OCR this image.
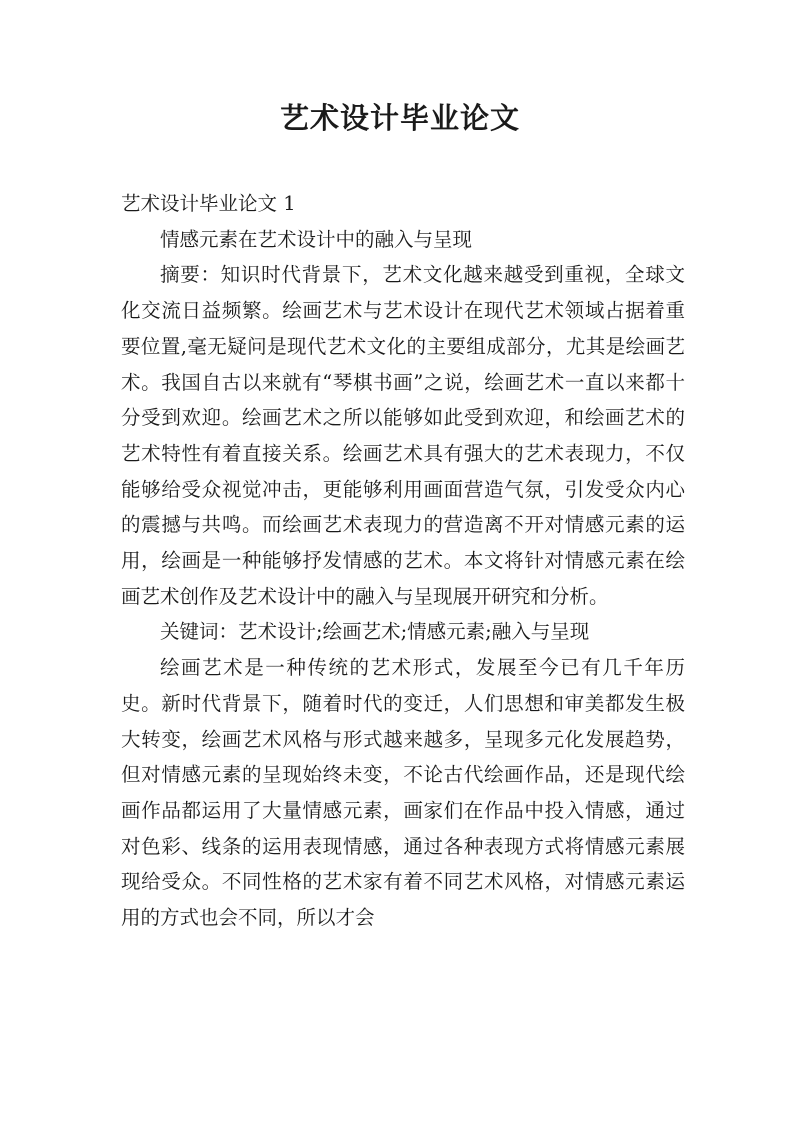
艺术设计毕业论文

艺术设计毕业论文 1

情感元素在艺术设计中的融入与呈现

摘要：知识时代背景下，艺术文化越来越受到重视，全球文化交流日益频繁。绘画艺术与艺术设计在现代艺术领域占据着重要位置,毫无疑问是现代艺术文化的主要组成部分，尤其是绘画艺术。我国自古以来就有“琴棋书画”之说，绘画艺术一直以来都十分受到欢迎。绘画艺术之所以能够如此受到欢迎，和绘画艺术的艺术特性有着直接关系。绘画艺术具有强大的艺术表现力，不仅能够给受众视觉冲击，更能够利用画面营造气氛，引发受众内心的震撼与共鸣。而绘画艺术表现力的营造离不开对情感元素的运用，绘画是一种能够抒发情感的艺术。本文将针对情感元素在绘画艺术创作及艺术设计中的融入与呈现展开研究和分析。

关键词：艺术设计;绘画艺术;情感元素;融入与呈现

绘画艺术是一种传统的艺术形式，发展至今已有几千年历史。新时代背景下，随着时代的变迁，人们思想和审美都发生极大转变，绘画艺术风格与形式越来越多，呈现多元化发展趋势，但对情感元素的呈现始终未变，不论古代绘画作品，还是现代绘画作品都运用了大量情感元素，画家们在作品中投入情感，通过对色彩、线条的运用表现情感，通过各种表现方式将情感元素展现给受众。不同性格的艺术家有着不同艺术风格，对情感元素运用的方式也会不同，所以才会
